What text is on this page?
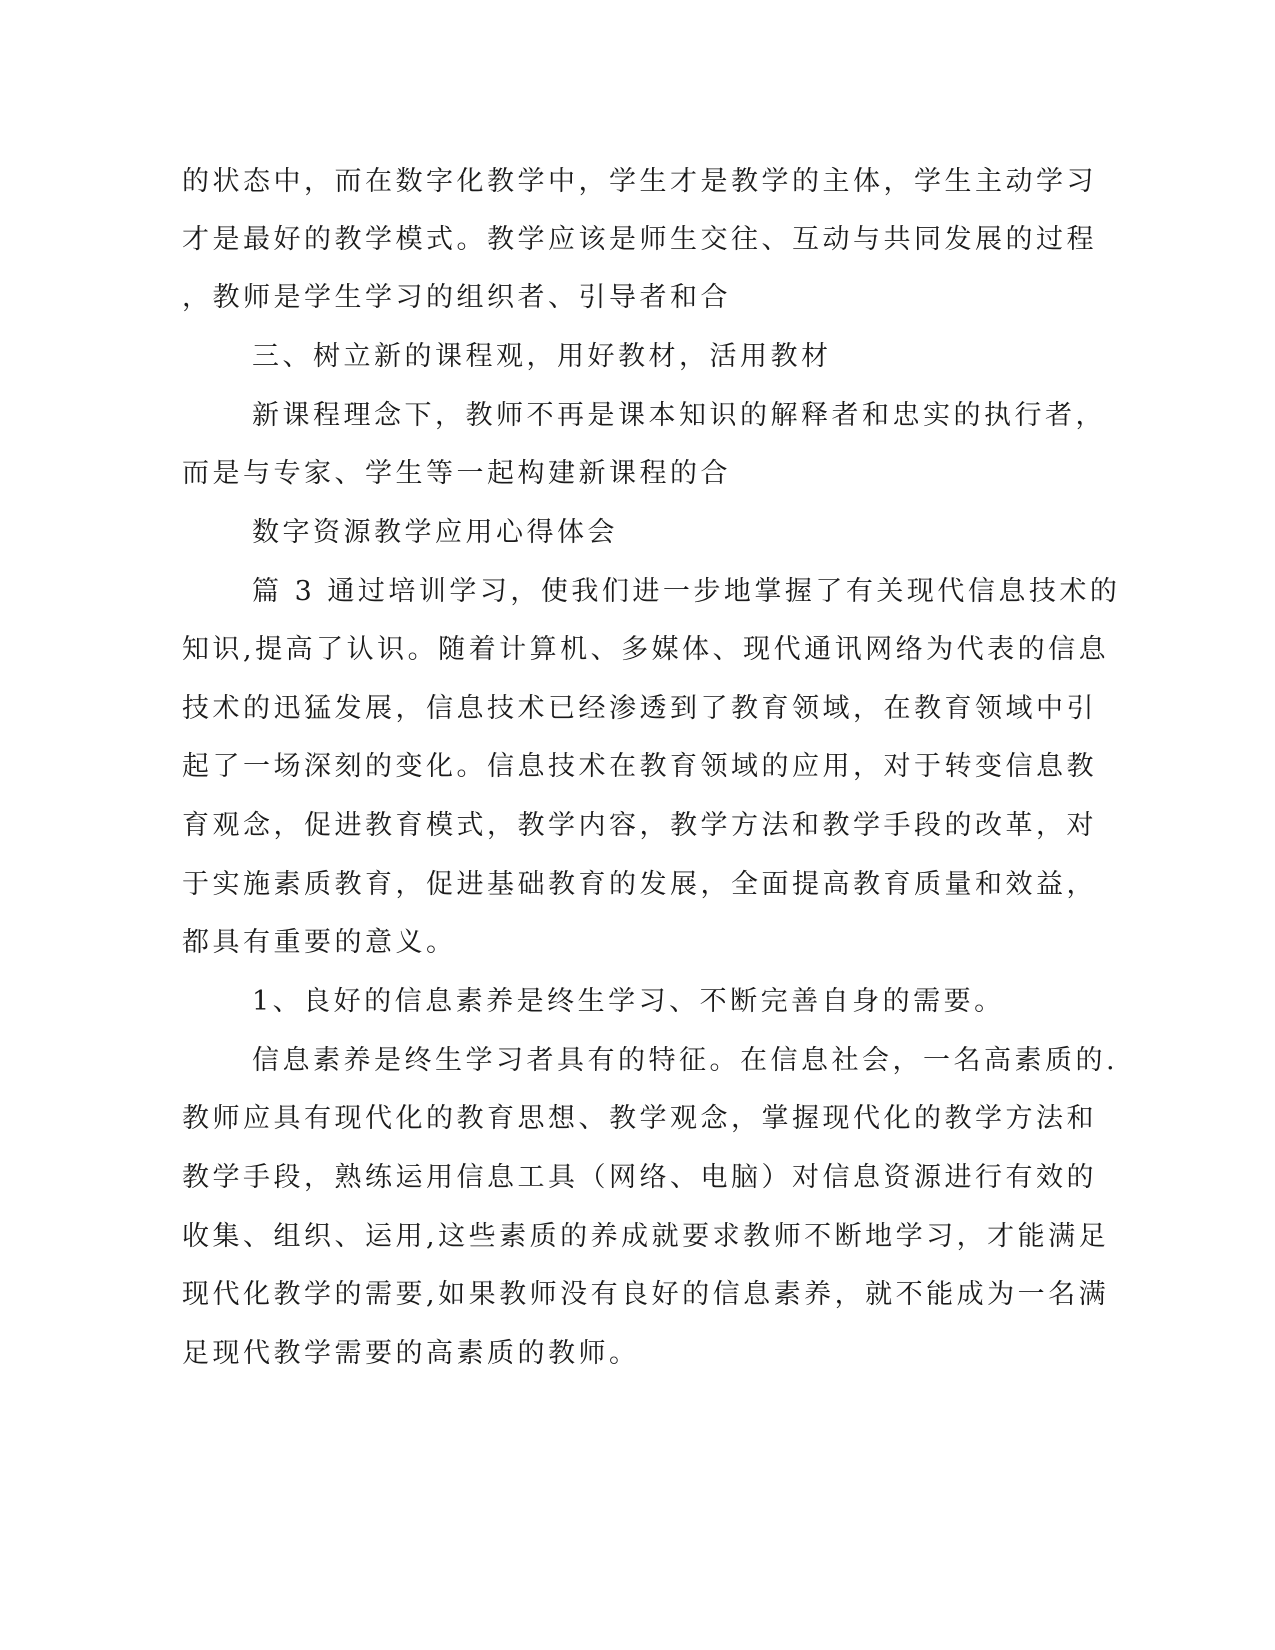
的状态中，而在数字化教学中，学生才是教学的主体，学生主动学习
才是最好的教学模式。教学应该是师生交往、互动与共同发展的过程
，教师是学生学习的组织者、引导者和合
三、树立新的课程观，用好教材，活用教材
新课程理念下，教师不再是课本知识的解释者和忠实的执行者，
而是与专家、学生等一起构建新课程的合
数字资源教学应用心得体会
篇 3 通过培训学习，使我们进一步地掌握了有关现代信息技术的
知识,提高了认识。随着计算机、多媒体、现代通讯网络为代表的信息
技术的迅猛发展，信息技术已经渗透到了教育领域，在教育领域中引
起了一场深刻的变化。信息技术在教育领域的应用，对于转变信息教
育观念，促进教育模式，教学内容，教学方法和教学手段的改革，对
于实施素质教育，促进基础教育的发展，全面提高教育质量和效益，
都具有重要的意义。
1、良好的信息素养是终生学习、不断完善自身的需要。
信息素养是终生学习者具有的特征。在信息社会，一名高素质的.
教师应具有现代化的教育思想、教学观念，掌握现代化的教学方法和
教学手段，熟练运用信息工具（网络、电脑）对信息资源进行有效的
收集、组织、运用,这些素质的养成就要求教师不断地学习，才能满足
现代化教学的需要,如果教师没有良好的信息素养，就不能成为一名满
足现代教学需要的高素质的教师。
